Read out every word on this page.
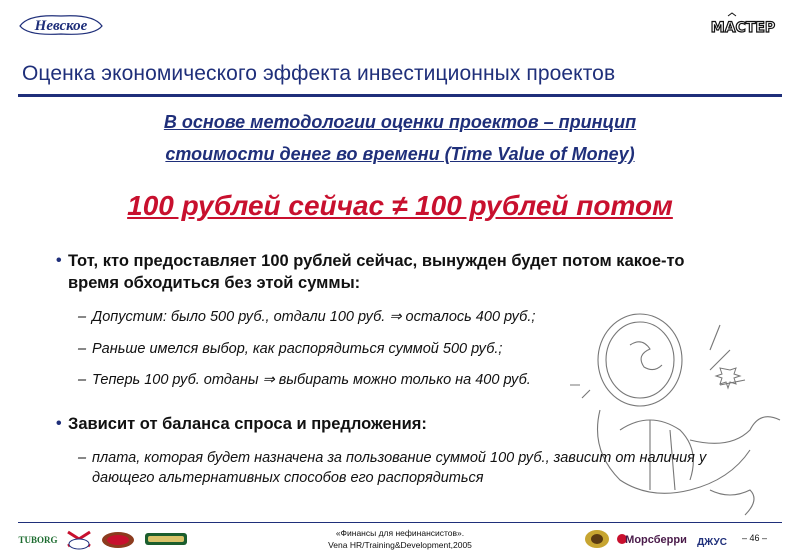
Невское	МАСТЕР
Оценка экономического эффекта инвестиционных проектов
В основе методологии оценки проектов – принцип
стоимости денег во времени (Time Value of Money)
100 рублей сейчас ≠ 100 рублей потом
• Тот, кто предоставляет 100 рублей сейчас, вынужден будет потом какое-то время обходиться без этой суммы:
– Допустим: было 500 руб., отдали 100 руб. ⇒ осталось 400 руб.;
– Раньше имелся выбор, как распорядиться суммой 500 руб.;
– Теперь 100 руб. отданы ⇒ выбирать можно только на 400 руб.
• Зависит от баланса спроса и предложения:
– плата, которая будет назначена за пользование суммой 100 руб., зависит от наличия у дающего альтернативных способов его распорядиться
TUBORG
«Финансы для нефинансистов».
Vena HR/Training&Development,2005	Морсберри ДЖУС – 46 –
